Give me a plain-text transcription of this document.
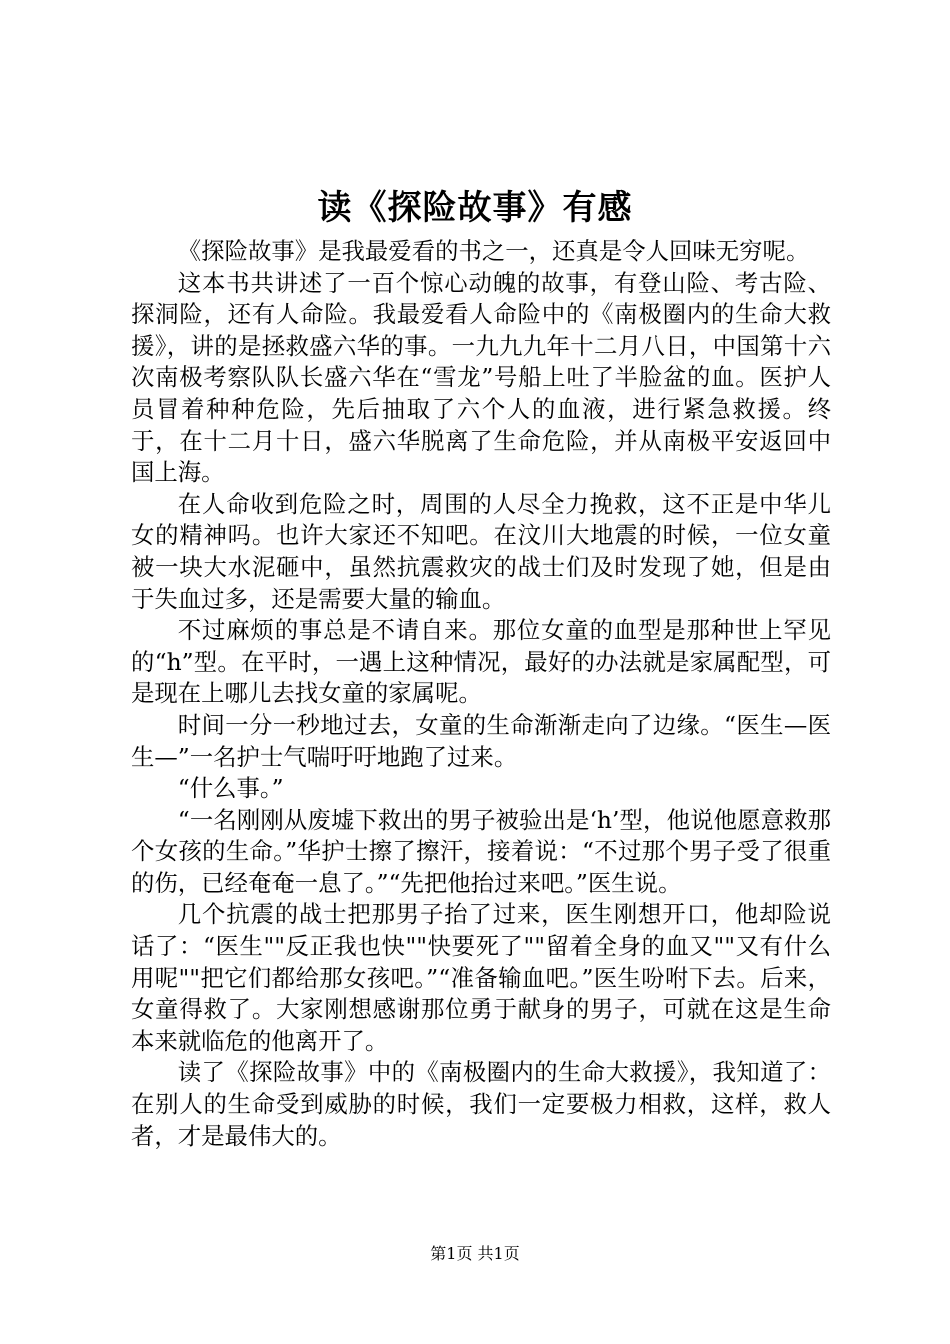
读《探险故事》有感

《探险故事》是我最爱看的书之一，还真是令人回味无穷呢。

这本书共讲述了一百个惊心动魄的故事，有登山险、考古险、探洞险，还有人命险。我最爱看人命险中的《南极圈内的生命大救援》，讲的是拯救盛六华的事。一九九九年十二月八日，中国第十六次南极考察队队长盛六华在“雪龙”号船上吐了半脸盆的血。医护人员冒着种种危险，先后抽取了六个人的血液，进行紧急救援。终于，在十二月十日，盛六华脱离了生命危险，并从南极平安返回中国上海。

在人命收到危险之时，周围的人尽全力挽救，这不正是中华儿女的精神吗。也许大家还不知吧。在汶川大地震的时候，一位女童被一块大水泥砸中，虽然抗震救灾的战士们及时发现了她，但是由于失血过多，还是需要大量的输血。

不过麻烦的事总是不请自来。那位女童的血型是那种世上罕见的“h”型。在平时，一遇上这种情况，最好的办法就是家属配型，可是现在上哪儿去找女童的家属呢。

时间一分一秒地过去，女童的生命渐渐走向了边缘。“医生—医生—”一名护士气喘吁吁地跑了过来。

“什么事。”

“一名刚刚从废墟下救出的男子被验出是‘h’型，他说他愿意救那个女孩的生命。”华护士擦了擦汗，接着说：“不过那个男子受了很重的伤，已经奄奄一息了。”“先把他抬过来吧。”医生说。

几个抗震的战士把那男子抬了过来，医生刚想开口，他却险说话了：“医生""反正我也快""快要死了""留着全身的血又""又有什么用呢""把它们都给那女孩吧。”“准备输血吧。”医生吩咐下去。后来，女童得救了。大家刚想感谢那位勇于献身的男子，可就在这是生命本来就临危的他离开了。

读了《探险故事》中的《南极圈内的生命大救援》，我知道了：在别人的生命受到威胁的时候，我们一定要极力相救，这样，救人者，才是最伟大的。

第1页 共1页
